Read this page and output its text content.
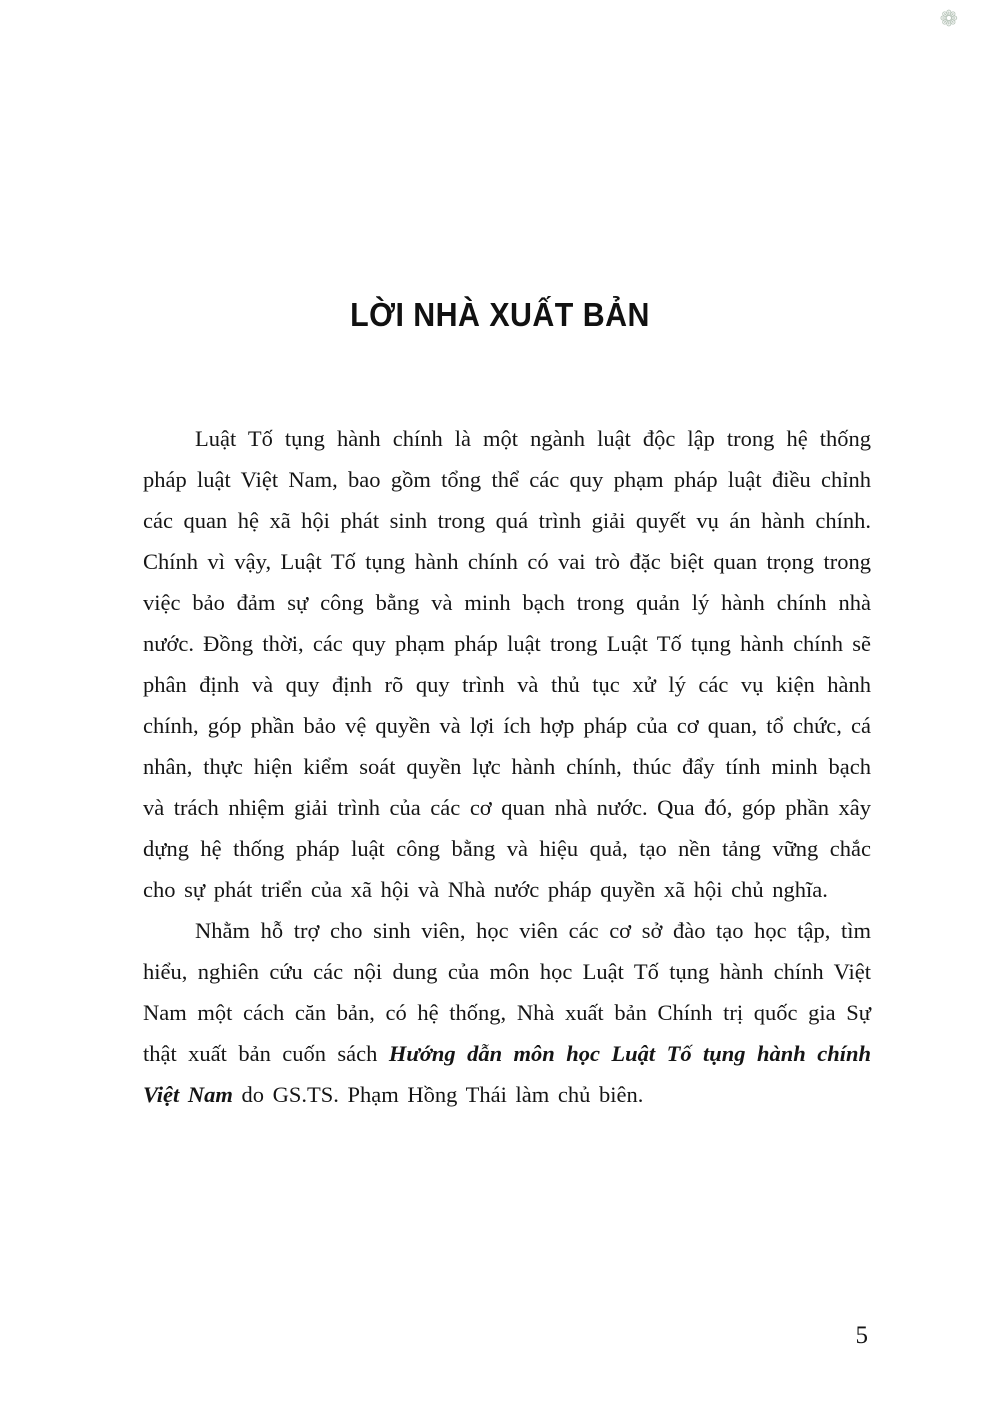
❁
LỜI NHÀ XUẤT BẢN

Luật Tố tụng hành chính là một ngành luật độc lập trong hệ thống pháp luật Việt Nam, bao gồm tổng thể các quy phạm pháp luật điều chỉnh các quan hệ xã hội phát sinh trong quá trình giải quyết vụ án hành chính. Chính vì vậy, Luật Tố tụng hành chính có vai trò đặc biệt quan trọng trong việc bảo đảm sự công bằng và minh bạch trong quản lý hành chính nhà nước. Đồng thời, các quy phạm pháp luật trong Luật Tố tụng hành chính sẽ phân định và quy định rõ quy trình và thủ tục xử lý các vụ kiện hành chính, góp phần bảo vệ quyền và lợi ích hợp pháp của cơ quan, tổ chức, cá nhân, thực hiện kiểm soát quyền lực hành chính, thúc đẩy tính minh bạch và trách nhiệm giải trình của các cơ quan nhà nước. Qua đó, góp phần xây dựng hệ thống pháp luật công bằng và hiệu quả, tạo nền tảng vững chắc cho sự phát triển của xã hội và Nhà nước pháp quyền xã hội chủ nghĩa.

Nhằm hỗ trợ cho sinh viên, học viên các cơ sở đào tạo học tập, tìm hiểu, nghiên cứu các nội dung của môn học Luật Tố tụng hành chính Việt Nam một cách căn bản, có hệ thống, Nhà xuất bản Chính trị quốc gia Sự thật xuất bản cuốn sách Hướng dẫn môn học Luật Tố tụng hành chính Việt Nam do GS.TS. Phạm Hồng Thái làm chủ biên.

5
